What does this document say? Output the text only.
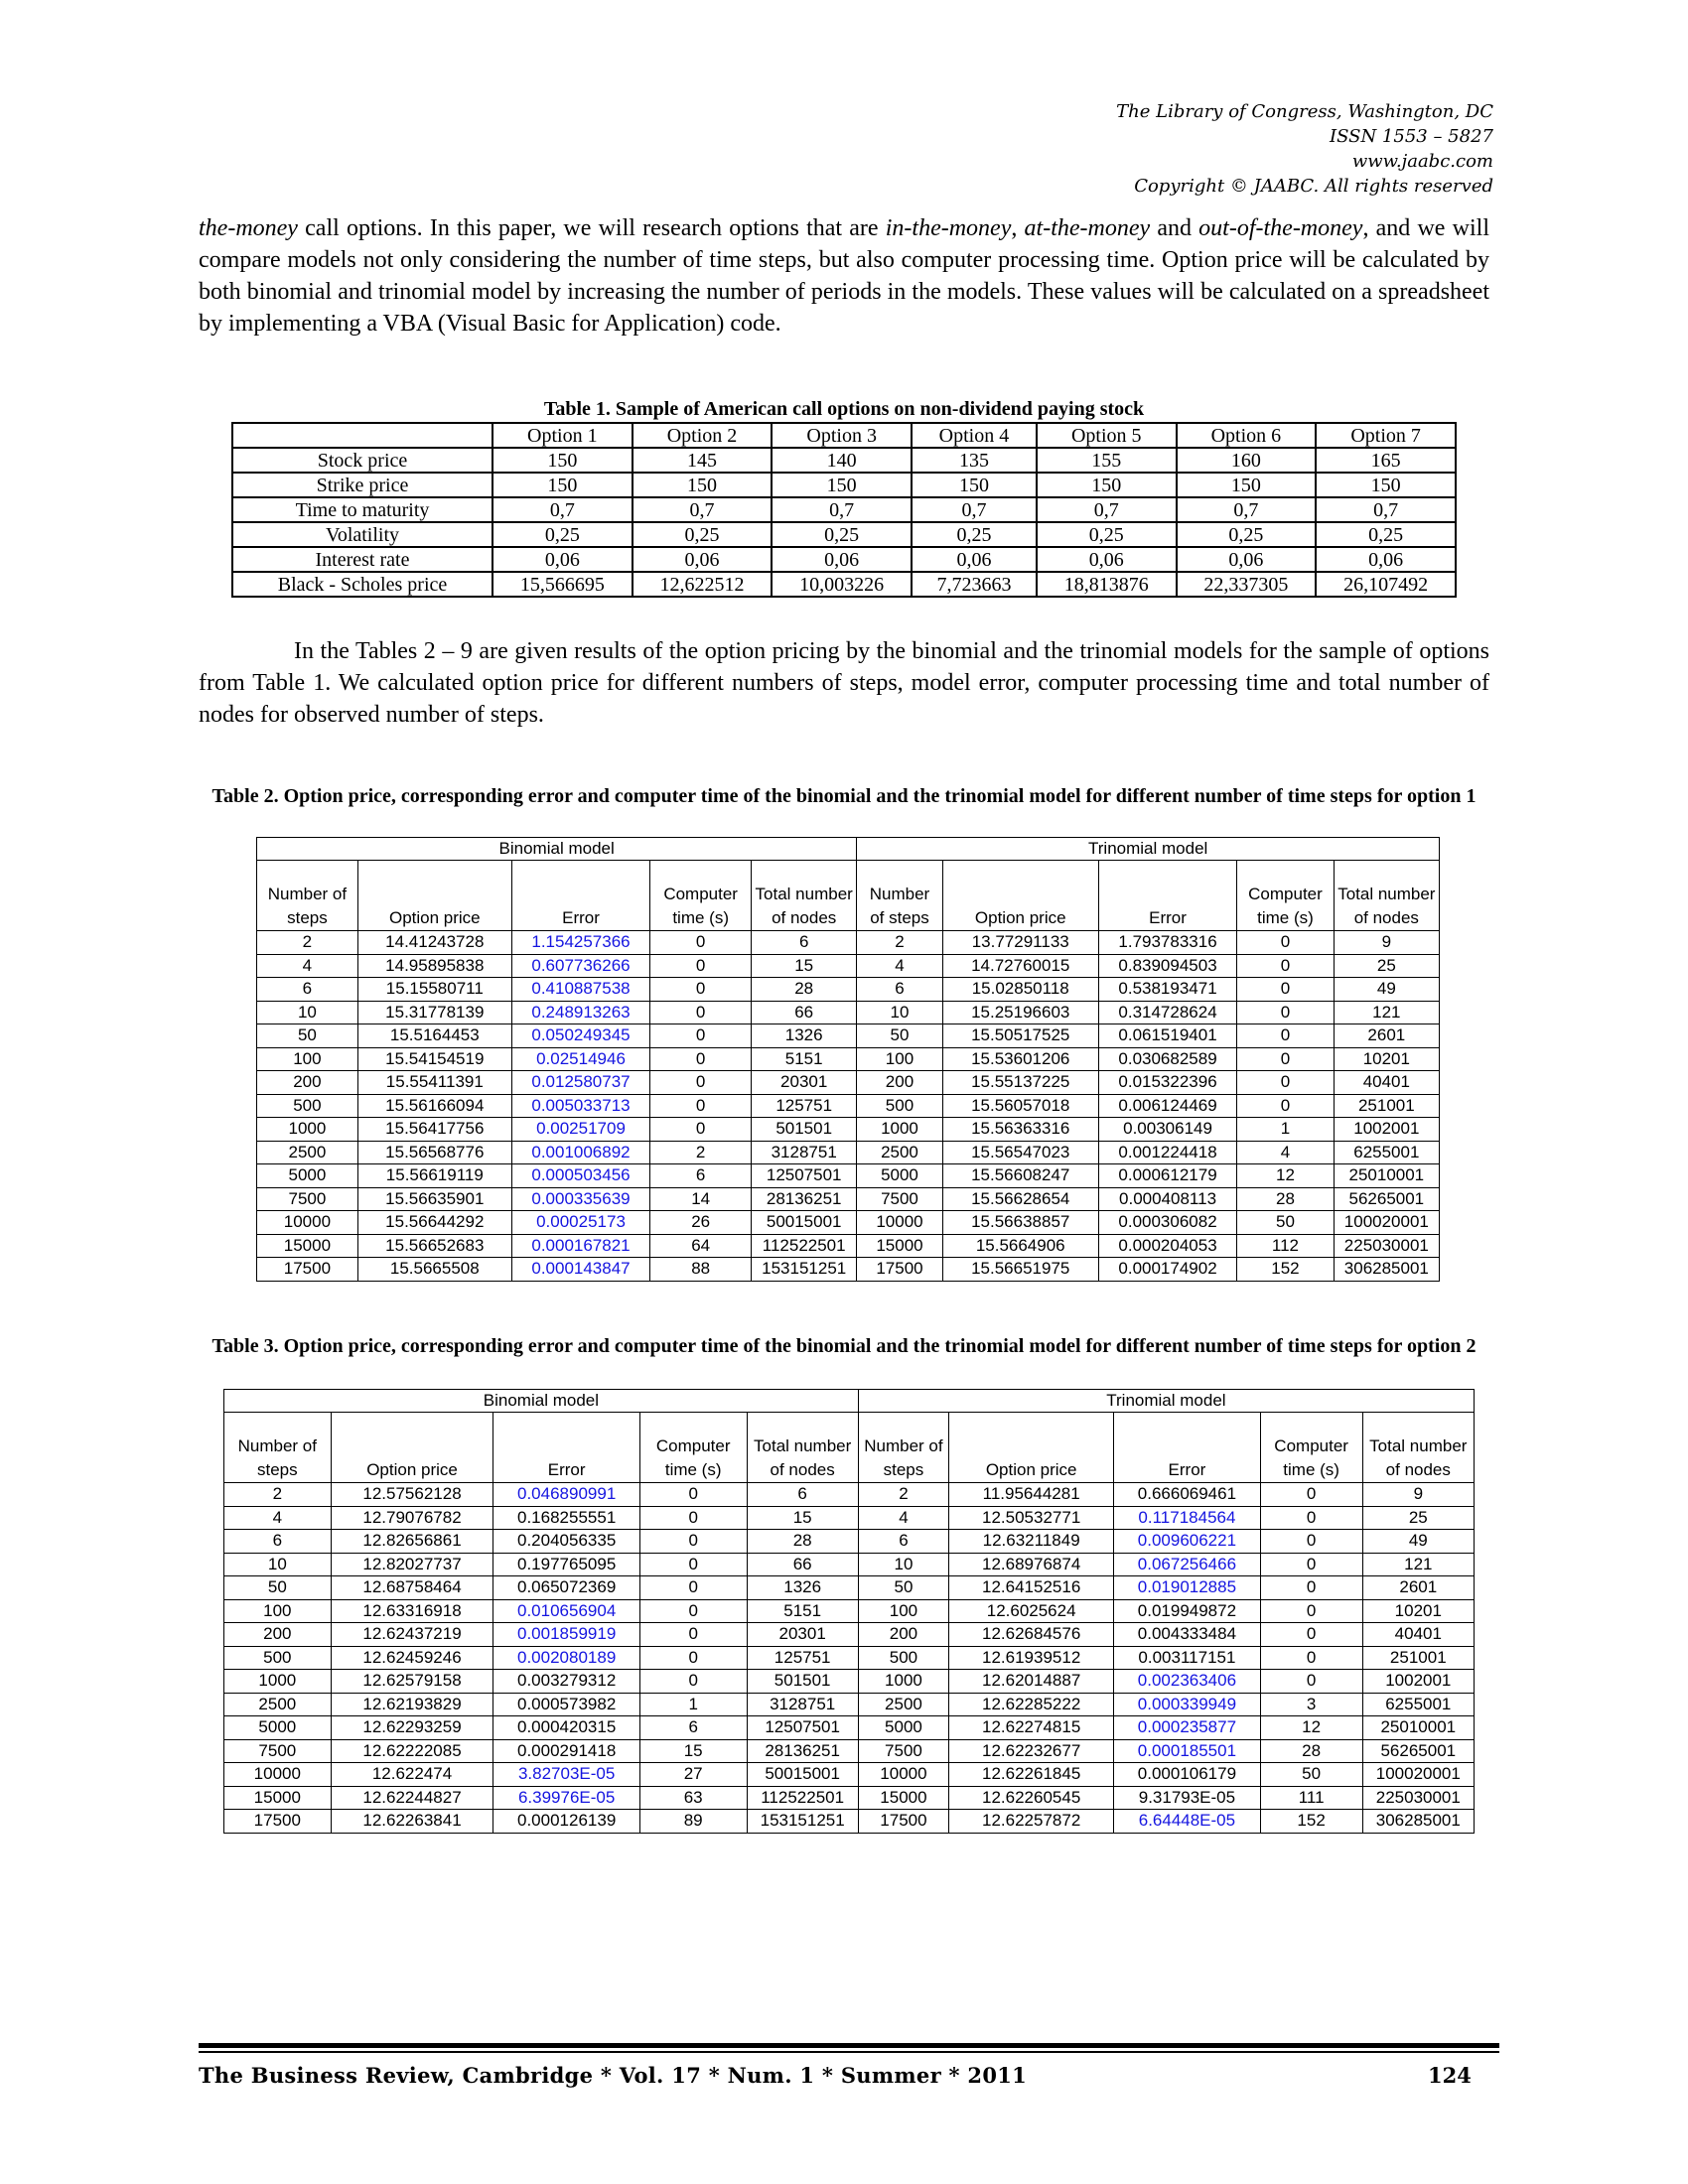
The Library of Congress, Washington, DC
ISSN 1553 – 5827
www.jaabc.com
Copyright © JAABC. All rights reserved

the-money call options. In this paper, we will research options that are in-the-money, at-the-money and out-of-the-money, and we will compare models not only considering the number of time steps, but also computer processing time. Option price will be calculated by both binomial and trinomial model by increasing the number of periods in the models. These values will be calculated on a spreadsheet by implementing a VBA (Visual Basic for Application) code.

Table 1. Sample of American call options on non-dividend paying stock
	Option 1	Option 2	Option 3	Option 4	Option 5	Option 6	Option 7
Stock price	150	145	140	135	155	160	165
Strike price	150	150	150	150	150	150	150
Time to maturity	0,7	0,7	0,7	0,7	0,7	0,7	0,7
Volatility	0,25	0,25	0,25	0,25	0,25	0,25	0,25
Interest rate	0,06	0,06	0,06	0,06	0,06	0,06	0,06
Black - Scholes price	15,566695	12,622512	10,003226	7,723663	18,813876	22,337305	26,107492

In the Tables 2 – 9 are given results of the option pricing by the binomial and the trinomial models for the sample of options from Table 1. We calculated option price for different numbers of steps, model error, computer processing time and total number of nodes for observed number of steps.

Table 2. Option price, corresponding error and computer time of the binomial and the trinomial model for different number of time steps for option 1
Binomial model					Trinomial model				
Number of steps	Option price	Error	Computer time (s)	Total number of nodes	Number of steps	Option price	Error	Computer time (s)	Total number of nodes
2	14.41243728	1.154257366	0	6	2	13.77291133	1.793783316	0	9
4	14.95895838	0.607736266	0	15	4	14.72760015	0.839094503	0	25
6	15.15580711	0.410887538	0	28	6	15.02850118	0.538193471	0	49
10	15.31778139	0.248913263	0	66	10	15.25196603	0.314728624	0	121
50	15.5164453	0.050249345	0	1326	50	15.50517525	0.061519401	0	2601
100	15.54154519	0.02514946	0	5151	100	15.53601206	0.030682589	0	10201
200	15.55411391	0.012580737	0	20301	200	15.55137225	0.015322396	0	40401
500	15.56166094	0.005033713	0	125751	500	15.56057018	0.006124469	0	251001
1000	15.56417756	0.00251709	0	501501	1000	15.56363316	0.00306149	1	1002001
2500	15.56568776	0.001006892	2	3128751	2500	15.56547023	0.001224418	4	6255001
5000	15.56619119	0.000503456	6	12507501	5000	15.56608247	0.000612179	12	25010001
7500	15.56635901	0.000335639	14	28136251	7500	15.56628654	0.000408113	28	56265001
10000	15.56644292	0.00025173	26	50015001	10000	15.56638857	0.000306082	50	100020001
15000	15.56652683	0.000167821	64	112522501	15000	15.5664906	0.000204053	112	225030001
17500	15.5665508	0.000143847	88	153151251	17500	15.56651975	0.000174902	152	306285001
Table 3. Option price, corresponding error and computer time of the binomial and the trinomial model for different number of time steps for option 2
Binomial model					Trinomial model				
Number of steps	Option price	Error	Computer time (s)	Total number of nodes	Number of steps	Option price	Error	Computer time (s)	Total number of nodes
2	12.57562128	0.046890991	0	6	2	11.95644281	0.666069461	0	9
4	12.79076782	0.168255551	0	15	4	12.50532771	0.117184564	0	25
6	12.82656861	0.204056335	0	28	6	12.63211849	0.009606221	0	49
10	12.82027737	0.197765095	0	66	10	12.68976874	0.067256466	0	121
50	12.68758464	0.065072369	0	1326	50	12.64152516	0.019012885	0	2601
100	12.63316918	0.010656904	0	5151	100	12.6025624	0.019949872	0	10201
200	12.62437219	0.001859919	0	20301	200	12.62684576	0.004333484	0	40401
500	12.62459246	0.002080189	0	125751	500	12.61939512	0.003117151	0	251001
1000	12.62579158	0.003279312	0	501501	1000	12.62014887	0.002363406	0	1002001
2500	12.62193829	0.000573982	1	3128751	2500	12.62285222	0.000339949	3	6255001
5000	12.62293259	0.000420315	6	12507501	5000	12.62274815	0.000235877	12	25010001
7500	12.62222085	0.000291418	15	28136251	7500	12.62232677	0.000185501	28	56265001
10000	12.622474	3.82703E-05	27	50015001	10000	12.62261845	0.000106179	50	100020001
15000	12.62244827	6.39976E-05	63	112522501	15000	12.62260545	9.31793E-05	111	225030001
17500	12.62263841	0.000126139	89	153151251	17500	12.62257872	6.64448E-05	152	306285001
The Business Review, Cambridge * Vol. 17 * Num. 1 * Summer * 2011	124
